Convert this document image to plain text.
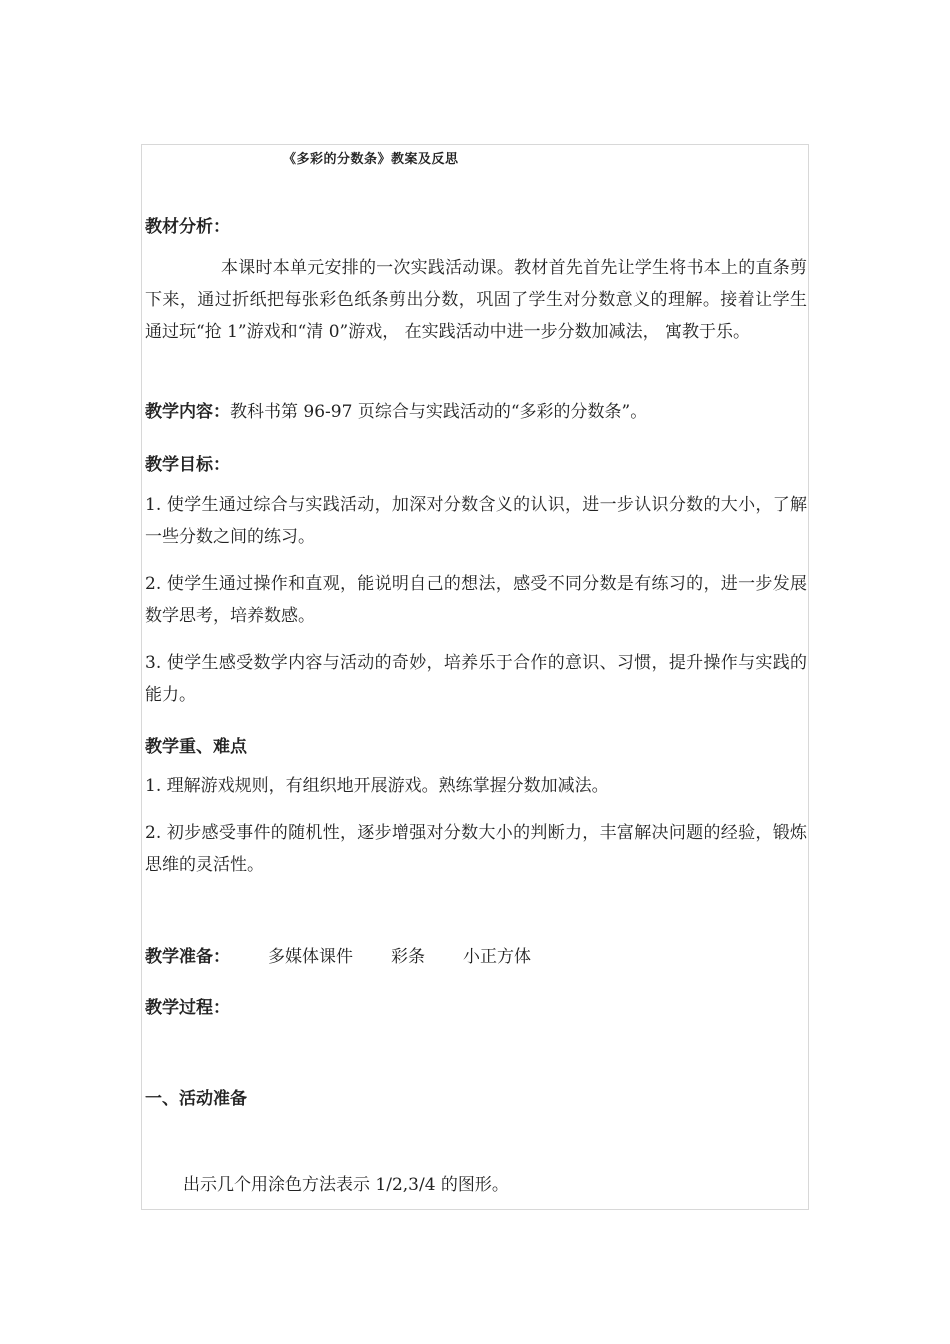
《多彩的分数条》教案及反思

教材分析：

本课时本单元安排的一次实践活动课。教材首先首先让学生将书本上的直条剪下来，通过折纸把每张彩色纸条剪出分数，巩固了学生对分数意义的理解。接着让学生通过玩“抢 1”游戏和“清 0”游戏， 在实践活动中进一步分数加减法， 寓教于乐。

教学内容：教科书第 96-97 页综合与实践活动的“多彩的分数条”。

教学目标：

1. 使学生通过综合与实践活动，加深对分数含义的认识，进一步认识分数的大小，了解一些分数之间的练习。

2. 使学生通过操作和直观，能说明自己的想法，感受不同分数是有练习的，进一步发展数学思考，培养数感。

3. 使学生感受数学内容与活动的奇妙，培养乐于合作的意识、习惯，提升操作与实践的能力。

教学重、难点

1. 理解游戏规则，有组织地开展游戏。熟练掌握分数加减法。

2. 初步感受事件的随机性，逐步增强对分数大小的判断力，丰富解决问题的经验，锻炼思维的灵活性。

教学准备： 多媒体课件 彩条 小正方体

教学过程：

一、活动准备

出示几个用涂色方法表示 1/2,3/4 的图形。
